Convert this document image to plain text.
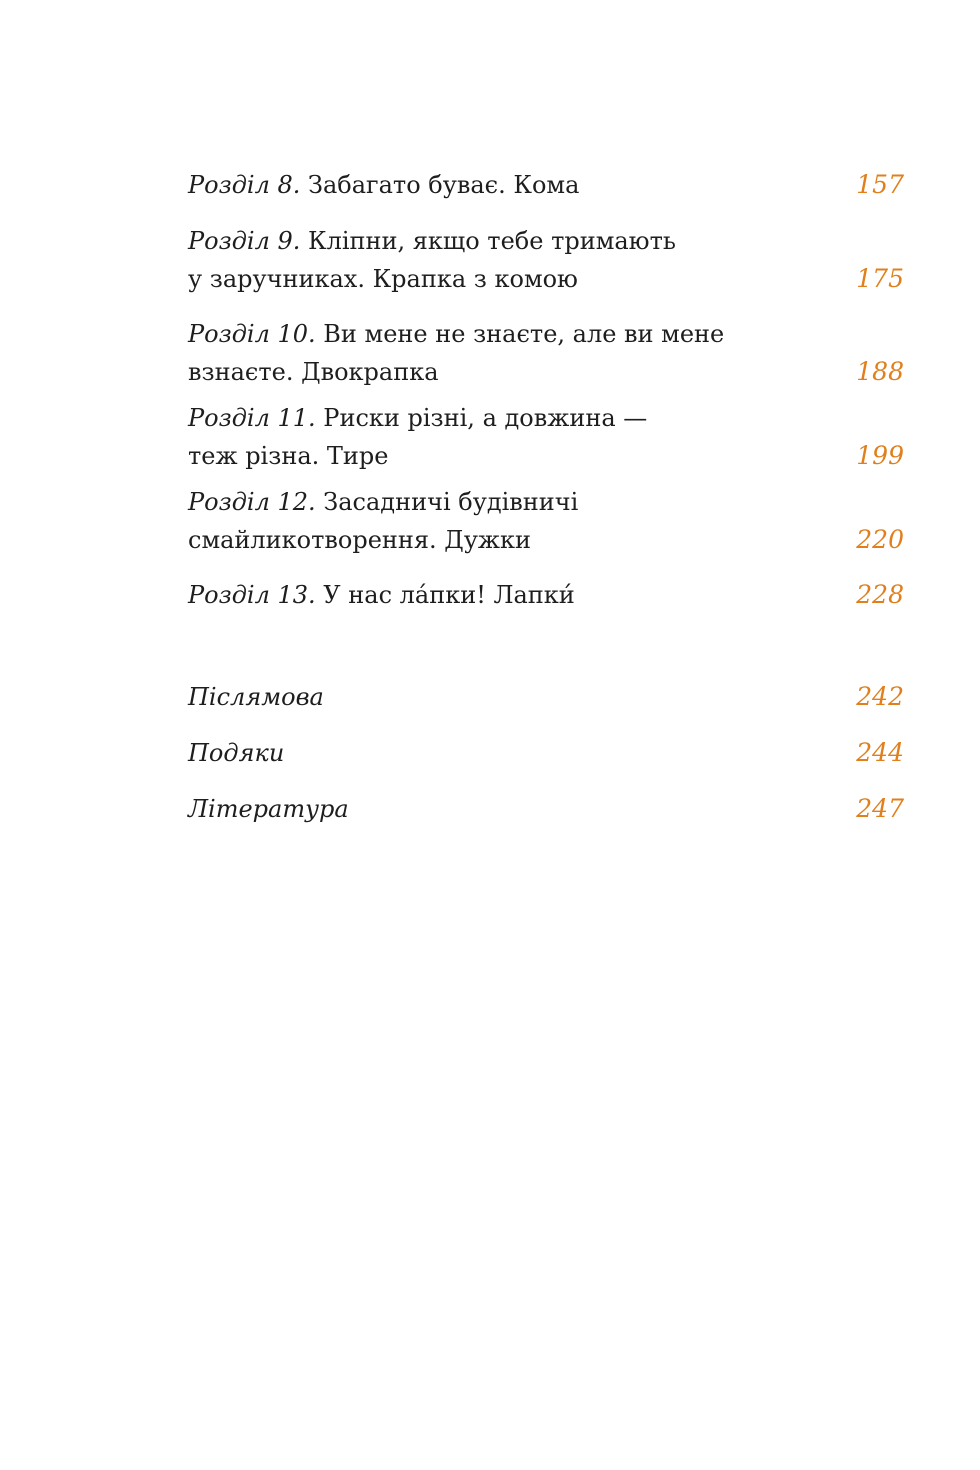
Розділ 8. Забагато буває. Кома	157
Розділ 9. Кліпни, якщо тебе тримають
у заручниках. Крапка з комою	175
Розділ 10. Ви мене не знаєте, але ви мене
взнаєте. Двокрапка	188
Розділ 11. Риски різні, а довжина —
теж різна. Тире	199
Розділ 12. Засадничі будівничі
смайликотворення. Дужки	220
Розділ 13. У нас ла́пки! Лапки́	228
Післямова	242
Подяки	244
Література	247
